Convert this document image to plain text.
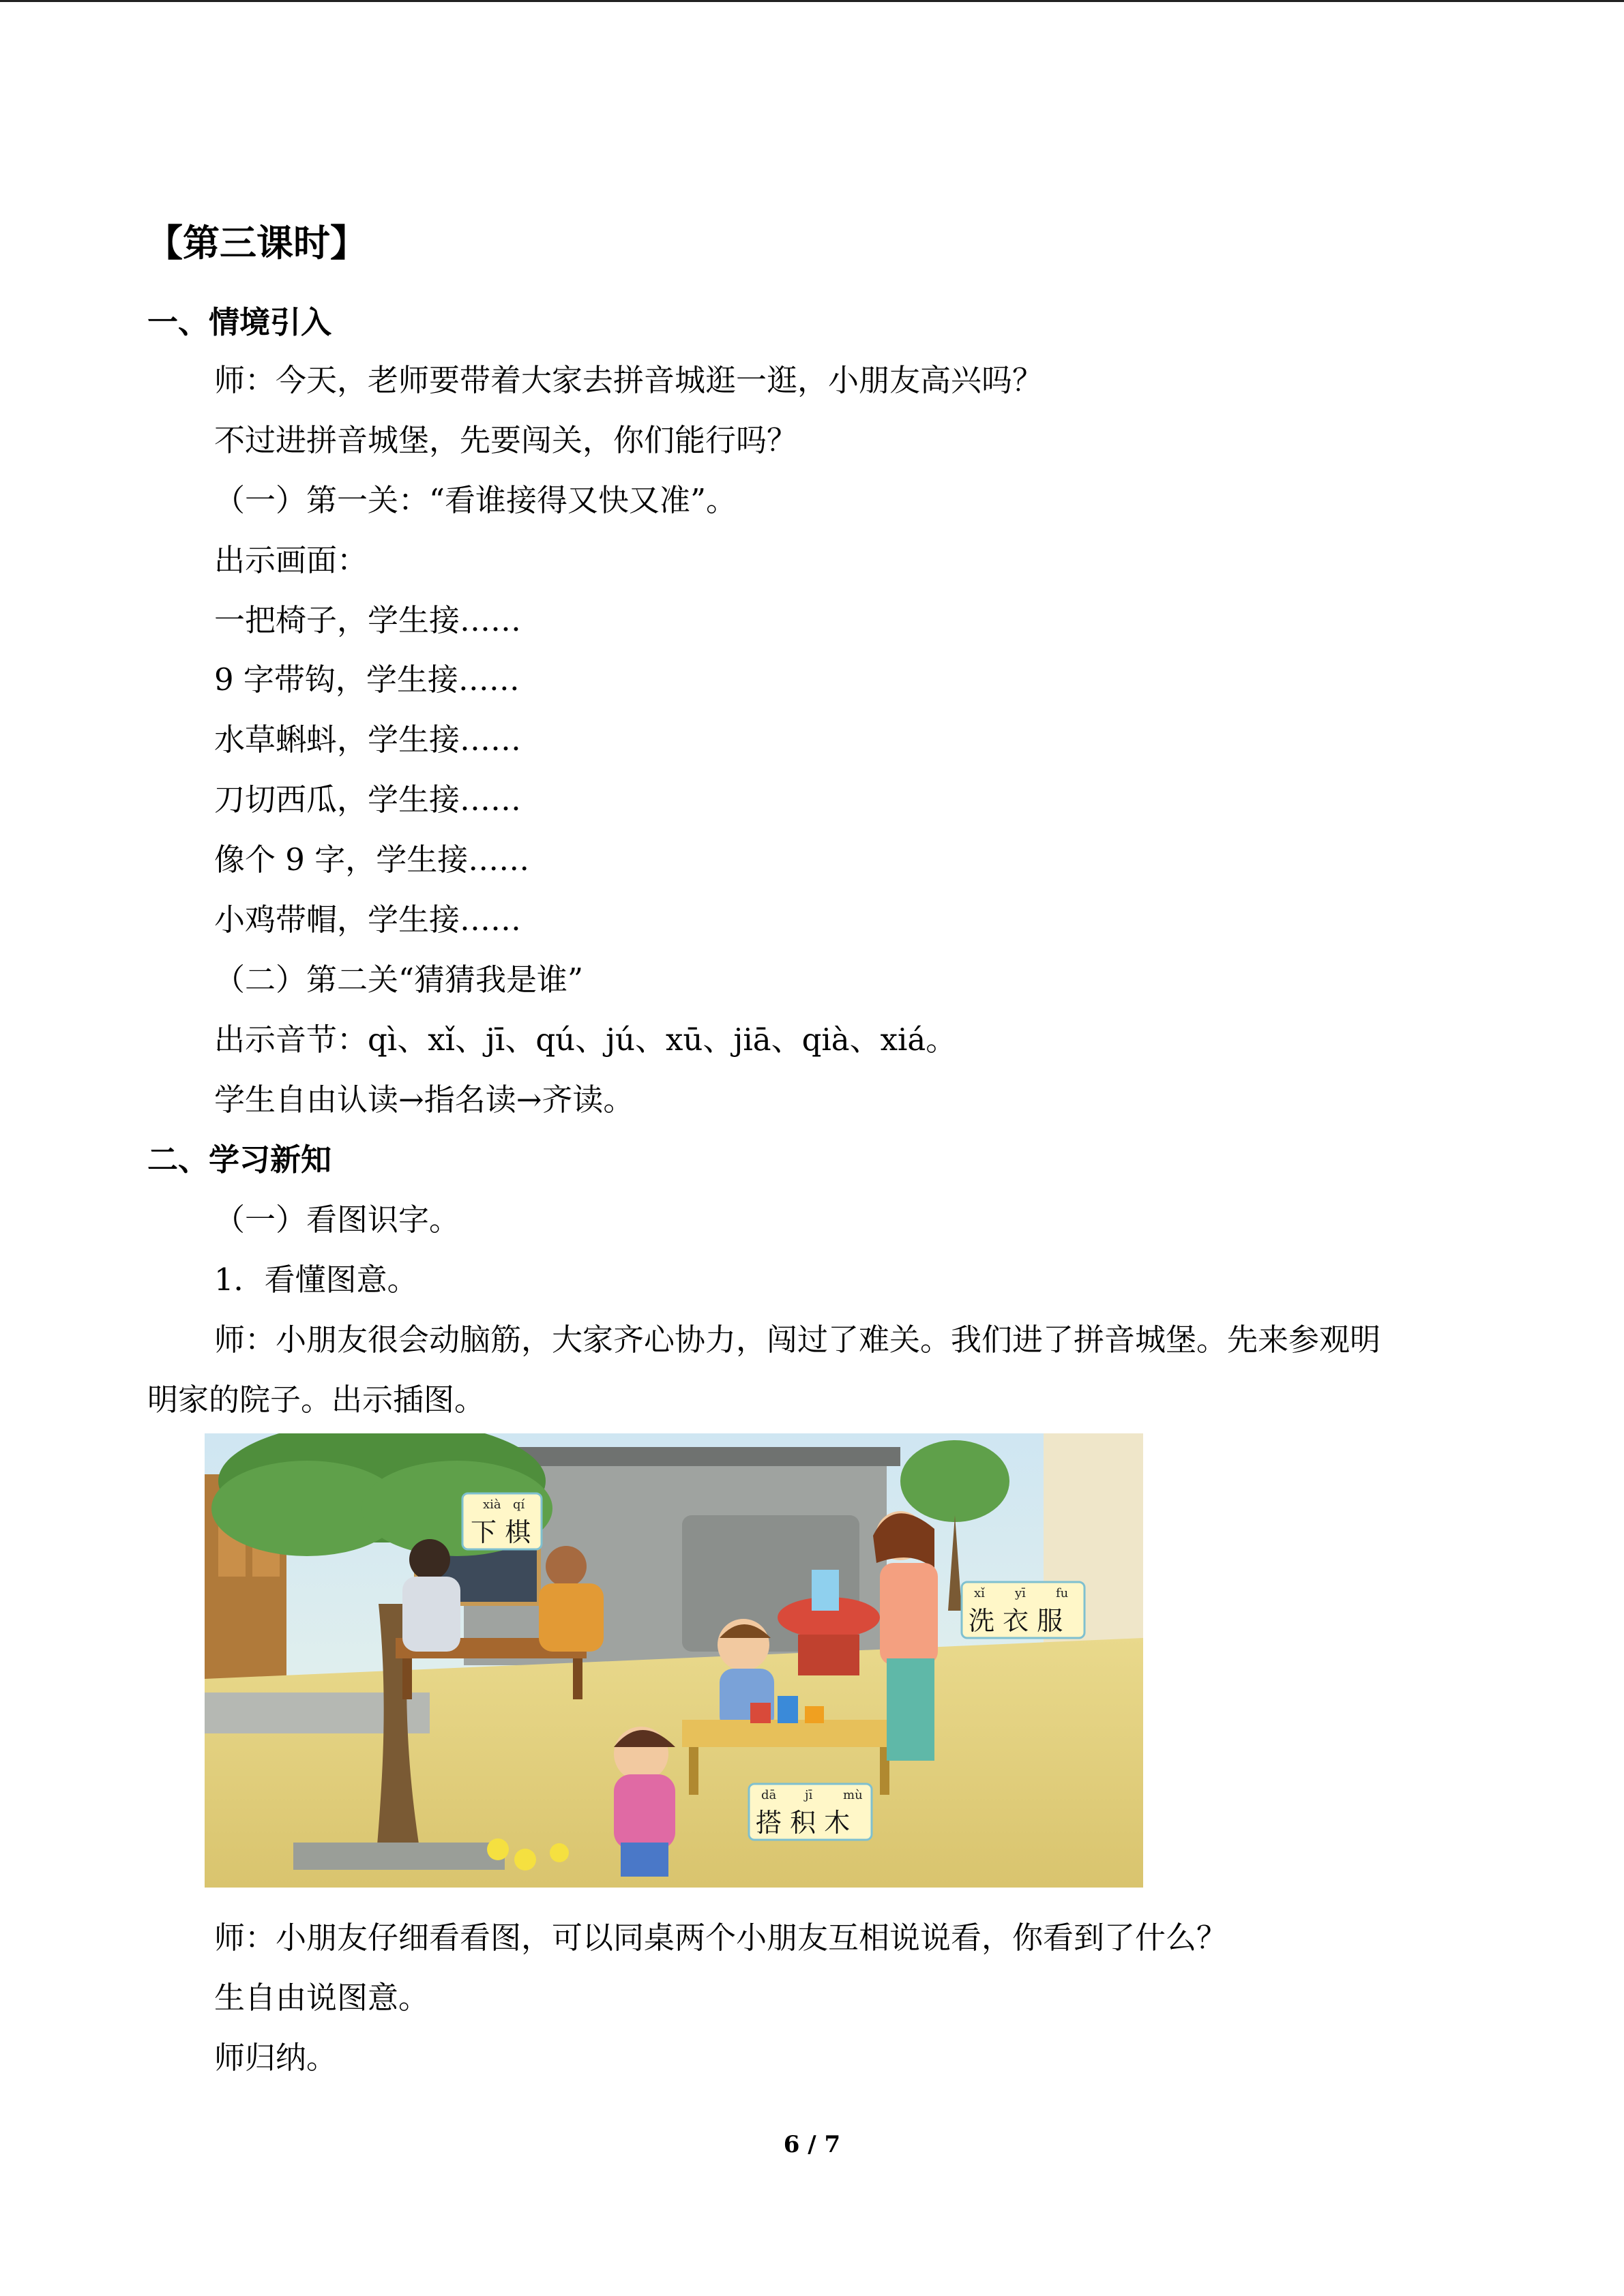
【第三课时】
一、情境引入
师：今天，老师要带着大家去拼音城逛一逛，小朋友高兴吗？
不过进拼音城堡，先要闯关，你们能行吗？
（一）第一关：“看谁接得又快又准”。
出示画面：
一把椅子，学生接……
9 字带钩，学生接……
水草蝌蚪，学生接……
刀切西瓜，学生接……
像个 9 字，学生接……
小鸡带帽，学生接……
（二）第二关“猜猜我是谁”
出示音节：qì、xǐ、jī、qú、jú、xū、jiā、qià、xiá。
学生自由认读→指名读→齐读。
二、学习新知
（一）看图识字。
1．看懂图意。
师：小朋友很会动脑筋，大家齐心协力，闯过了难关。我们进了拼音城堡。先来参观明
明家的院子。出示插图。
xià qí
下 棋
xǐ yī fu
洗 衣 服
dā jī mù
搭 积 木
师：小朋友仔细看看图，可以同桌两个小朋友互相说说看，你看到了什么？
生自由说图意。
师归纳。
6 / 7
